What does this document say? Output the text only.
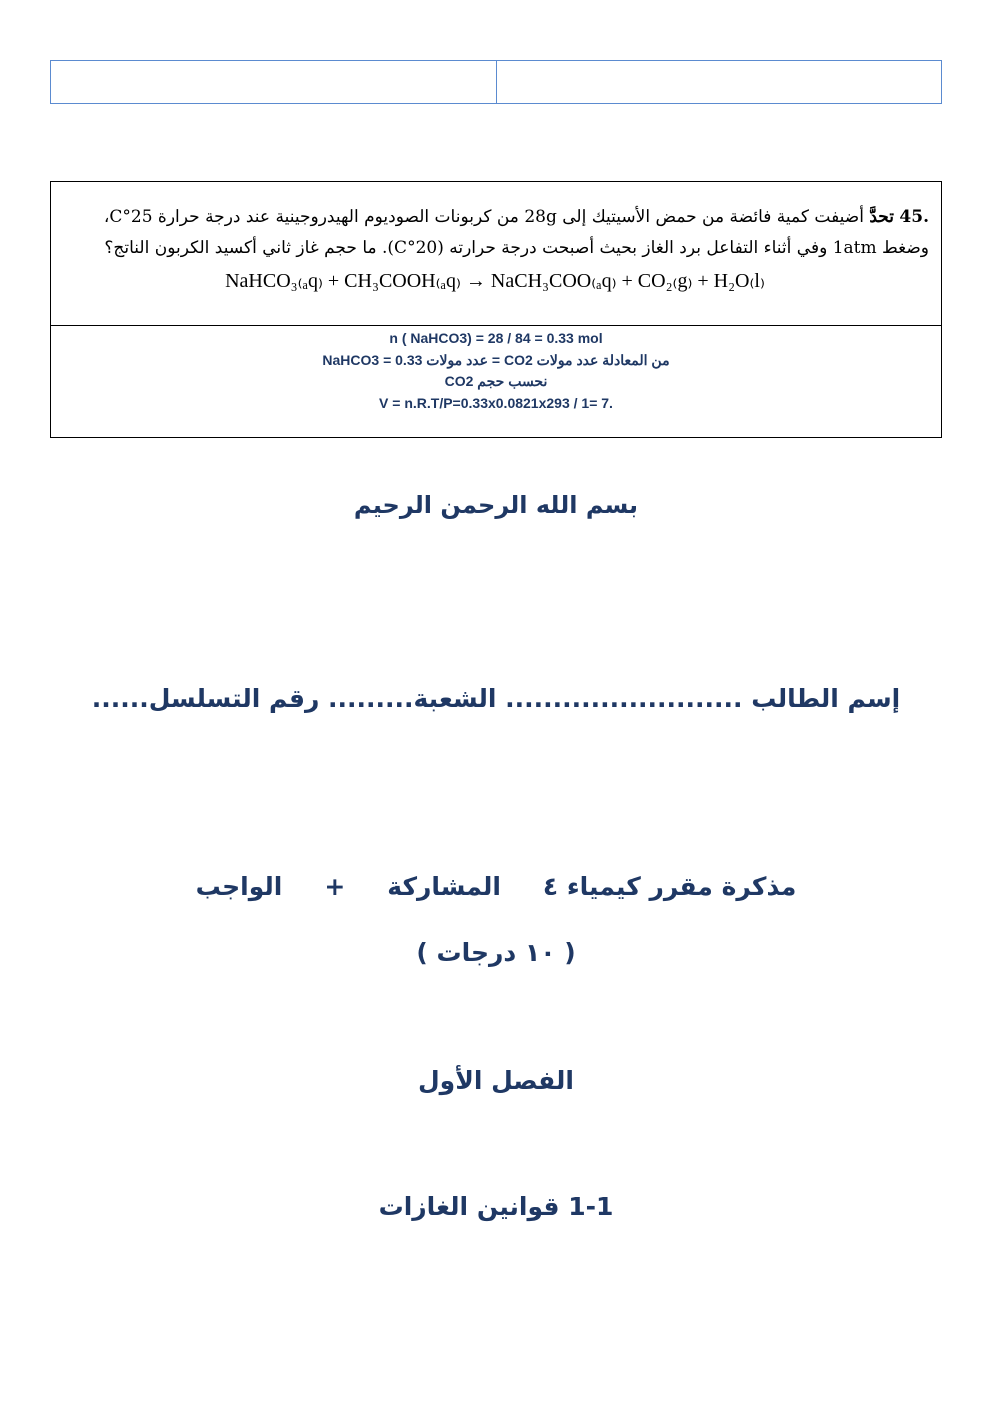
45. تحدَّ أضيفت كمية فائضة من حمض الأسيتيك إلى 28g من كربونات الصوديوم الهيدروجينية عند درجة حرارة 25°C،
وضغط 1atm وفي أثناء التفاعل برد الغاز بحيث أصبحت درجة حرارته (20°C). ما حجم غاز ثاني أكسيد الكربون الناتج؟
NaHCO₃₍ₐq₎ + CH₃COOH₍ₐq₎ → NaCH₃COO₍ₐq₎ + CO₂₍g₎ + H₂O₍l₎
n ( NaHCO3) = 28 / 84 = 0.33 mol
من المعادلة عدد مولات CO2 = عدد مولات NaHCO3 = 0.33
نحسب حجم CO2
V = n.R.T/P=0.33x0.0821x293 / 1= 7.
بسم الله الرحمن الرحيم
إسم الطالب ......................... الشعبة......... رقم التسلسل......
مذكرة مقرر كيمياء ٤المشاركة+الواجب
( ١٠ درجات )
الفصل الأول
1-1 قوانين الغازات
